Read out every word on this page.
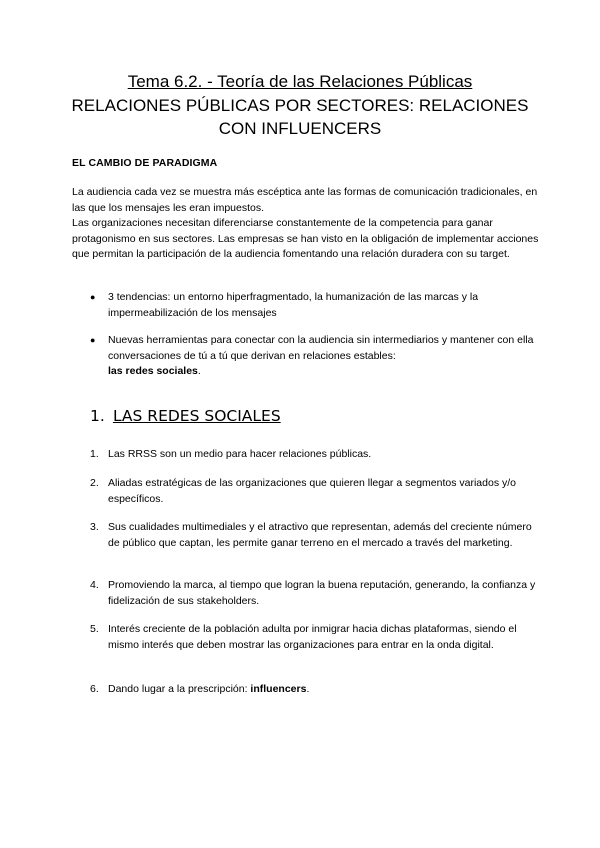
Tema 6.2. - Teoría de las Relaciones Públicas
RELACIONES PÚBLICAS POR SECTORES: RELACIONES CON INFLUENCERS
EL CAMBIO DE PARADIGMA

La audiencia cada vez se muestra más escéptica ante las formas de comunicación tradicionales, en las que los mensajes les eran impuestos.

Las organizaciones necesitan diferenciarse constantemente de la competencia para ganar protagonismo en sus sectores. Las empresas se han visto en la obligación de implementar acciones que permitan la participación de la audiencia fomentando una relación duradera con su target.

● 3 tendencias: un entorno hiperfragmentado, la humanización de las marcas y la impermeabilización de los mensajes
● Nuevas herramientas para conectar con la audiencia sin intermediarios y mantener con ella conversaciones de tú a tú que derivan en relaciones estables:
las redes sociales.
1. LAS REDES SOCIALES
1. Las RRSS son un medio para hacer relaciones públicas.
2. Aliadas estratégicas de las organizaciones que quieren llegar a segmentos variados y/o específicos.
3. Sus cualidades multimediales y el atractivo que representan, además del creciente número de público que captan, les permite ganar terreno en el mercado a través del marketing.
4. Promoviendo la marca, al tiempo que logran la buena reputación, generando, la confianza y fidelización de sus stakeholders.
5. Interés creciente de la población adulta por inmigrar hacia dichas plataformas, siendo el mismo interés que deben mostrar las organizaciones para entrar en la onda digital.
6. Dando lugar a la prescripción: influencers.
